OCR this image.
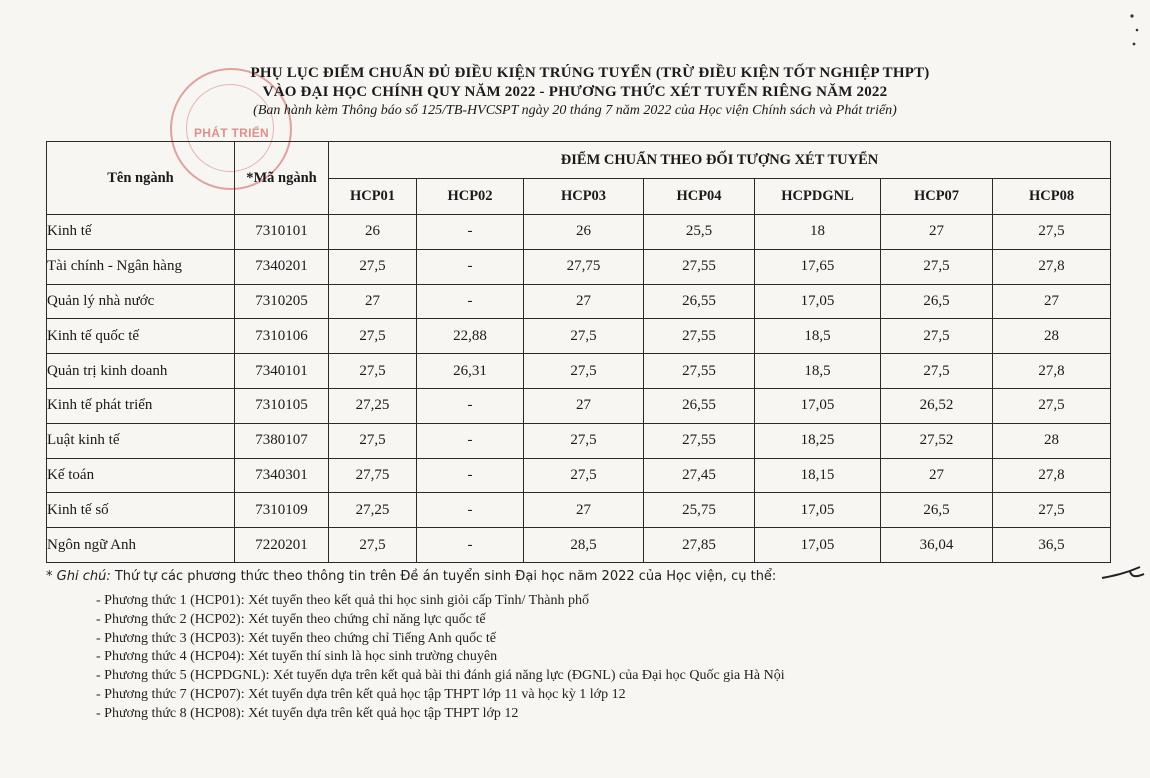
PHÁT TRIỂN
PHỤ LỤC ĐIỂM CHUẨN ĐỦ ĐIỀU KIỆN TRÚNG TUYỂN (TRỪ ĐIỀU KIỆN TỐT NGHIỆP THPT)
VÀO ĐẠI HỌC CHÍNH QUY NĂM 2022 - PHƯƠNG THỨC XÉT TUYỂN RIÊNG NĂM 2022
(Ban hành kèm Thông báo số 125/TB-HVCSPT ngày 20 tháng 7 năm 2022 của Học viện Chính sách và Phát triển)
Tên ngành	*Mã ngành	ĐIỂM CHUẨN THEO ĐỐI TƯỢNG XÉT TUYỂN						
		HCP01	HCP02	HCP03	HCP04	HCPDGNL	HCP07	HCP08
Kinh tế	7310101	26	-	26	25,5	18	27	27,5
Tài chính - Ngân hàng	7340201	27,5	-	27,75	27,55	17,65	27,5	27,8
Quản lý nhà nước	7310205	27	-	27	26,55	17,05	26,5	27
Kinh tế quốc tế	7310106	27,5	22,88	27,5	27,55	18,5	27,5	28
Quản trị kinh doanh	7340101	27,5	26,31	27,5	27,55	18,5	27,5	27,8
Kinh tế phát triển	7310105	27,25	-	27	26,55	17,05	26,52	27,5
Luật kinh tế	7380107	27,5	-	27,5	27,55	18,25	27,52	28
Kế toán	7340301	27,75	-	27,5	27,45	18,15	27	27,8
Kinh tế số	7310109	27,25	-	27	25,75	17,05	26,5	27,5
Ngôn ngữ Anh	7220201	27,5	-	28,5	27,85	17,05	36,04	36,5
* Ghi chú: Thứ tự các phương thức theo thông tin trên Đề án tuyển sinh Đại học năm 2022 của Học viện, cụ thể:
- Phương thức 1 (HCP01): Xét tuyển theo kết quả thi học sinh giỏi cấp Tỉnh/ Thành phố
- Phương thức 2 (HCP02): Xét tuyển theo chứng chỉ năng lực quốc tế
- Phương thức 3 (HCP03): Xét tuyển theo chứng chỉ Tiếng Anh quốc tế
- Phương thức 4 (HCP04): Xét tuyển thí sinh là học sinh trường chuyên
- Phương thức 5 (HCPDGNL): Xét tuyển dựa trên kết quả bài thi đánh giá năng lực (ĐGNL) của Đại học Quốc gia Hà Nội
- Phương thức 7 (HCP07): Xét tuyển dựa trên kết quả học tập THPT lớp 11 và học kỳ 1 lớp 12
- Phương thức 8 (HCP08): Xét tuyển dựa trên kết quả học tập THPT lớp 12
